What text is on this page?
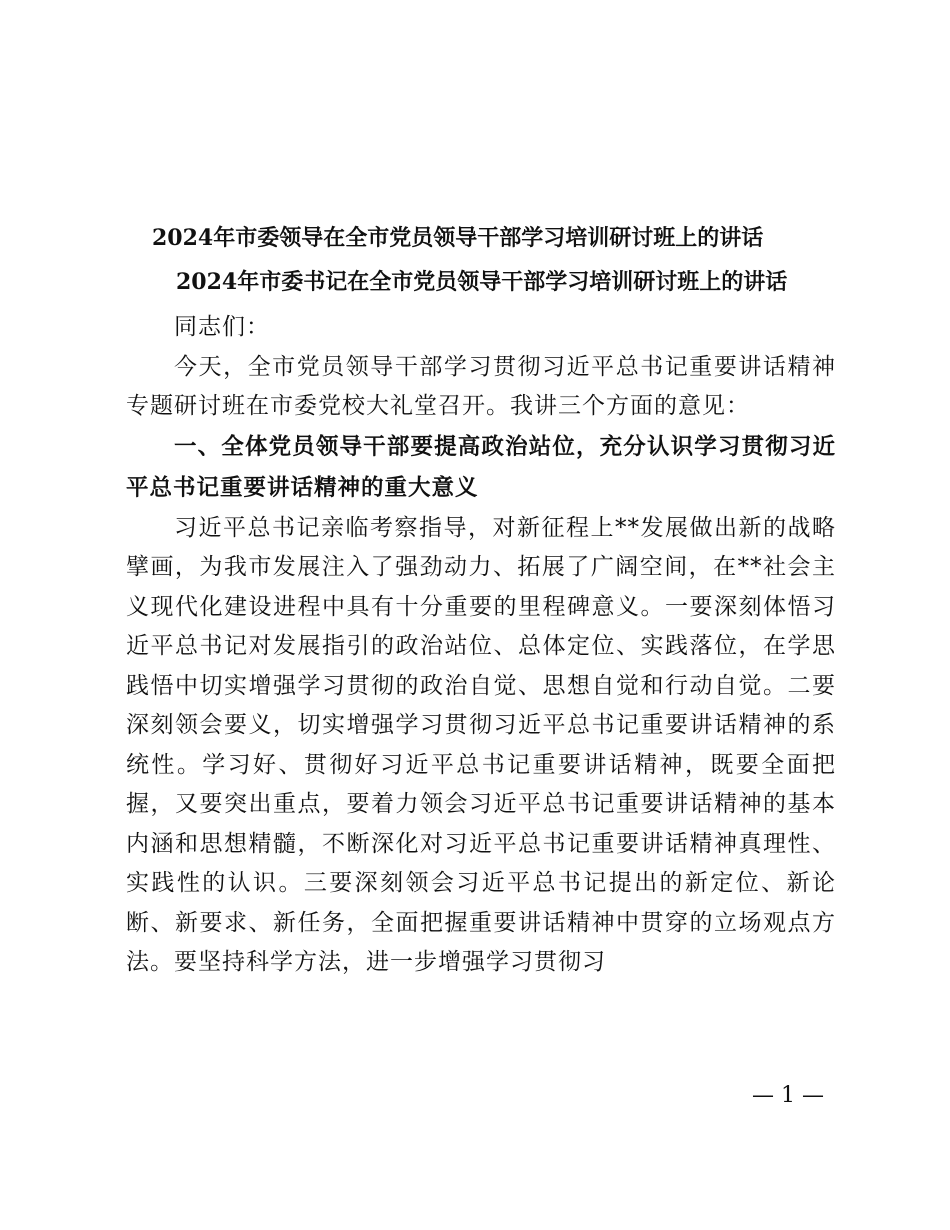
2024年市委领导在全市党员领导干部学习培训研讨班上的讲话
2024年市委书记在全市党员领导干部学习培训研讨班上的讲话

同志们：

今天，全市党员领导干部学习贯彻习近平总书记重要讲话精神专题研讨班在市委党校大礼堂召开。我讲三个方面的意见：

一、全体党员领导干部要提高政治站位，充分认识学习贯彻习近平总书记重要讲话精神的重大意义

习近平总书记亲临考察指导，对新征程上**发展做出新的战略擘画，为我市发展注入了强劲动力、拓展了广阔空间，在**社会主义现代化建设进程中具有十分重要的里程碑意义。一要深刻体悟习近平总书记对发展指引的政治站位、总体定位、实践落位，在学思践悟中切实增强学习贯彻的政治自觉、思想自觉和行动自觉。二要深刻领会要义，切实增强学习贯彻习近平总书记重要讲话精神的系统性。学习好、贯彻好习近平总书记重要讲话精神，既要全面把握，又要突出重点，要着力领会习近平总书记重要讲话精神的基本内涵和思想精髓，不断深化对习近平总书记重要讲话精神真理性、实践性的认识。三要深刻领会习近平总书记提出的新定位、新论断、新要求、新任务，全面把握重要讲话精神中贯穿的立场观点方法。要坚持科学方法，进一步增强学习贯彻习

— 1 —
